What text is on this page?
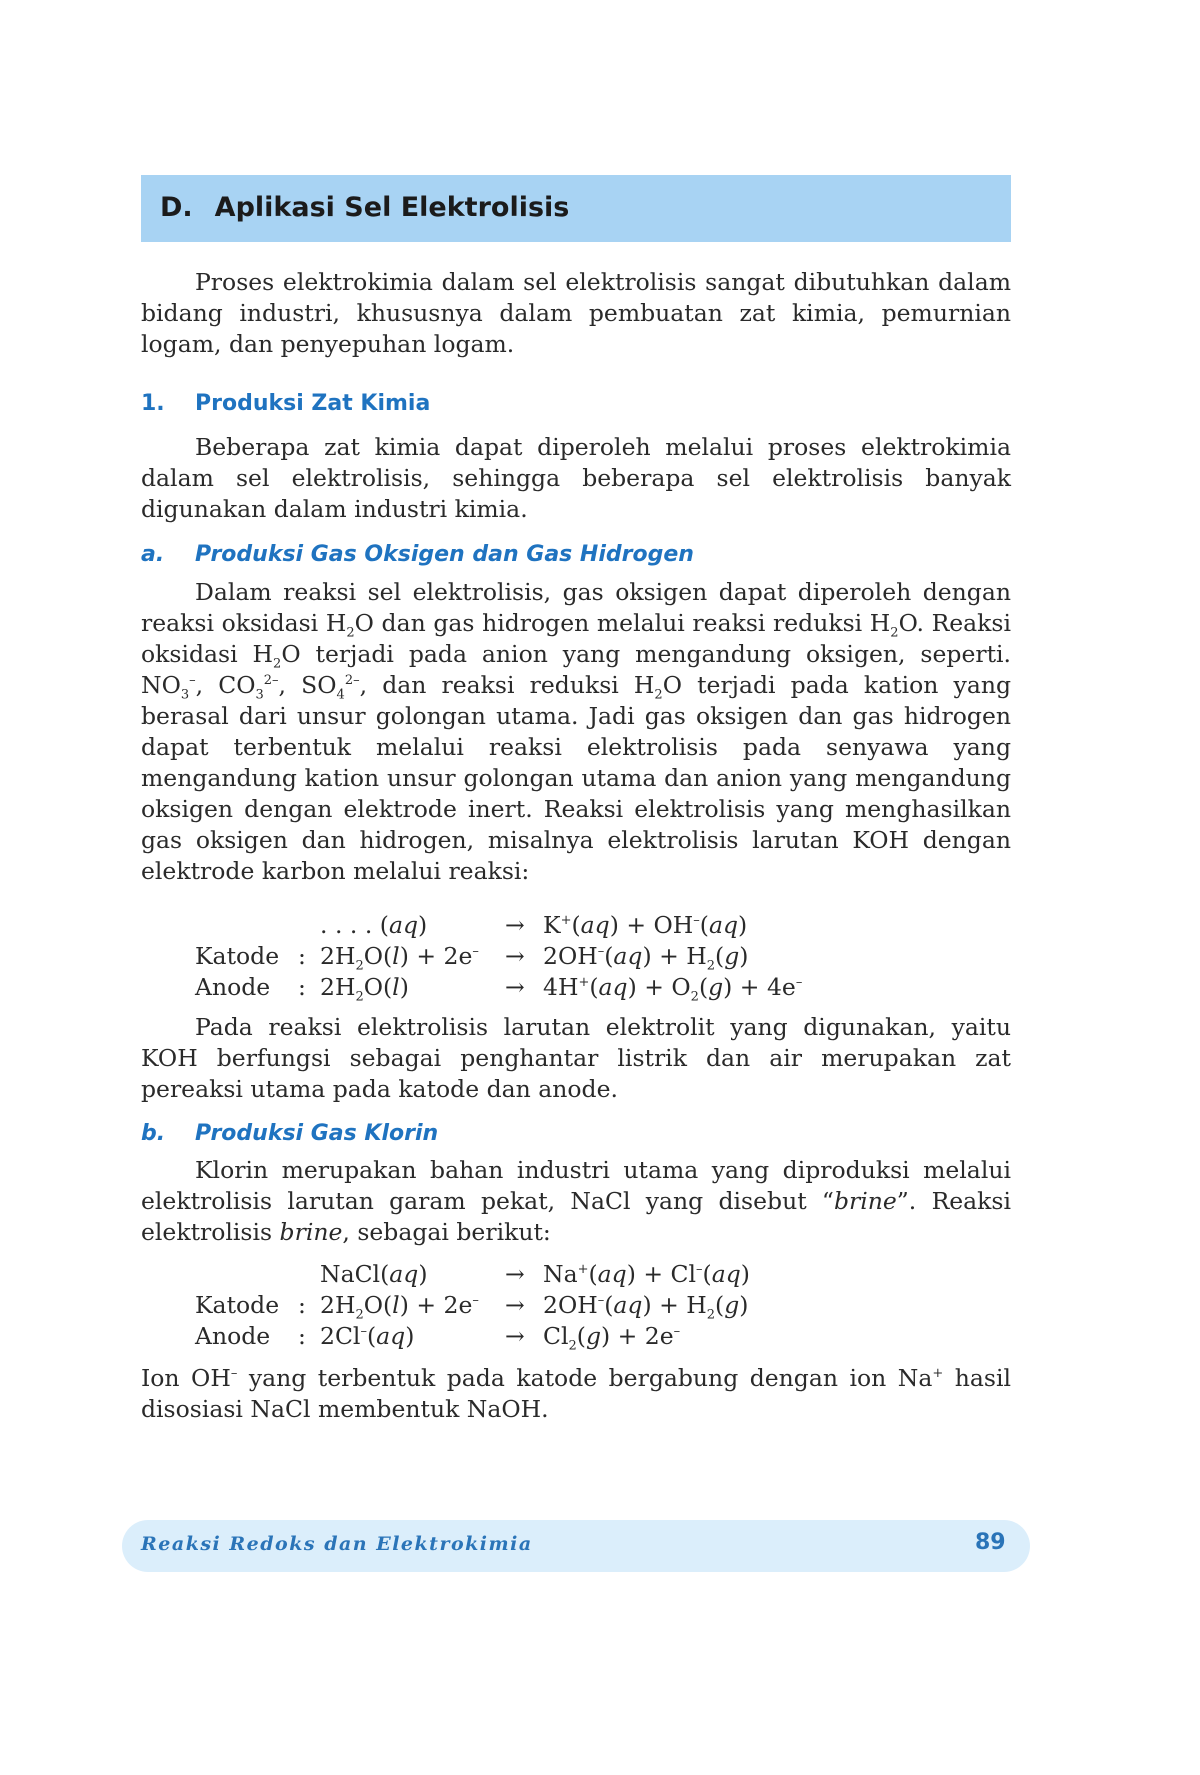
D. Aplikasi Sel Elektrolisis

Proses elektrokimia dalam sel elektrolisis sangat dibutuhkan dalam bidang industri, khususnya dalam pembuatan zat kimia, pemurnian logam, dan penyepuhan logam.

1. Produksi Zat Kimia

Beberapa zat kimia dapat diperoleh melalui proses elektrokimia dalam sel elektrolisis, sehingga beberapa sel elektrolisis banyak digunakan dalam industri kimia.

a. Produksi Gas Oksigen dan Gas Hidrogen

Dalam reaksi sel elektrolisis, gas oksigen dapat diperoleh dengan reaksi oksidasi $H_2O$ dan gas hidrogen melalui reaksi reduksi $H_2O$. Reaksi oksidasi $H_2O$ terjadi pada anion yang mengandung oksigen, seperti. $NO_3^-$, $CO_3^{2-}$, $SO_4^{2-}$, dan reaksi reduksi $H_2O$ terjadi pada kation yang berasal dari unsur golongan utama. Jadi gas oksigen dan gas hidrogen dapat terbentuk melalui reaksi elektrolisis pada senyawa yang mengandung kation unsur golongan utama dan anion yang mengandung oksigen dengan elektrode inert. Reaksi elektrolisis yang menghasilkan gas oksigen dan hidrogen, misalnya elektrolisis larutan KOH dengan elektrode karbon melalui reaksi:

. . . . (aq)	→ K+(aq) + OH–(aq)
Katode : $2H_2O(l) + 2e^- \to 2OH^-(aq) + H_2(g)$
Anode : $2H_2O(l)$	→ $4H^+(aq) + O_2(g) + 4e^-$

Pada reaksi elektrolisis larutan elektrolit yang digunakan, yaitu KOH berfungsi sebagai penghantar listrik dan air merupakan zat pereaksi utama pada katode dan anode.

b. Produksi Gas Klorin

Klorin merupakan bahan industri utama yang diproduksi melalui elektrolisis larutan garam pekat, NaCl yang disebut “brine”. Reaksi elektrolisis brine, sebagai berikut:

NaCl(aq)	→ Na+(aq) + Cl–(aq)
Katode : $2H_2O(l) + 2e^- \to 2OH^-(aq) + H_2(g)$
Anode : 2Cl–(aq)	→ $Cl_2(g) + 2e^-$

Ion OH– yang terbentuk pada katode bergabung dengan ion Na+ hasil disosiasi NaCl membentuk NaOH.

Reaksi Redoks dan Elektrokimia	89
